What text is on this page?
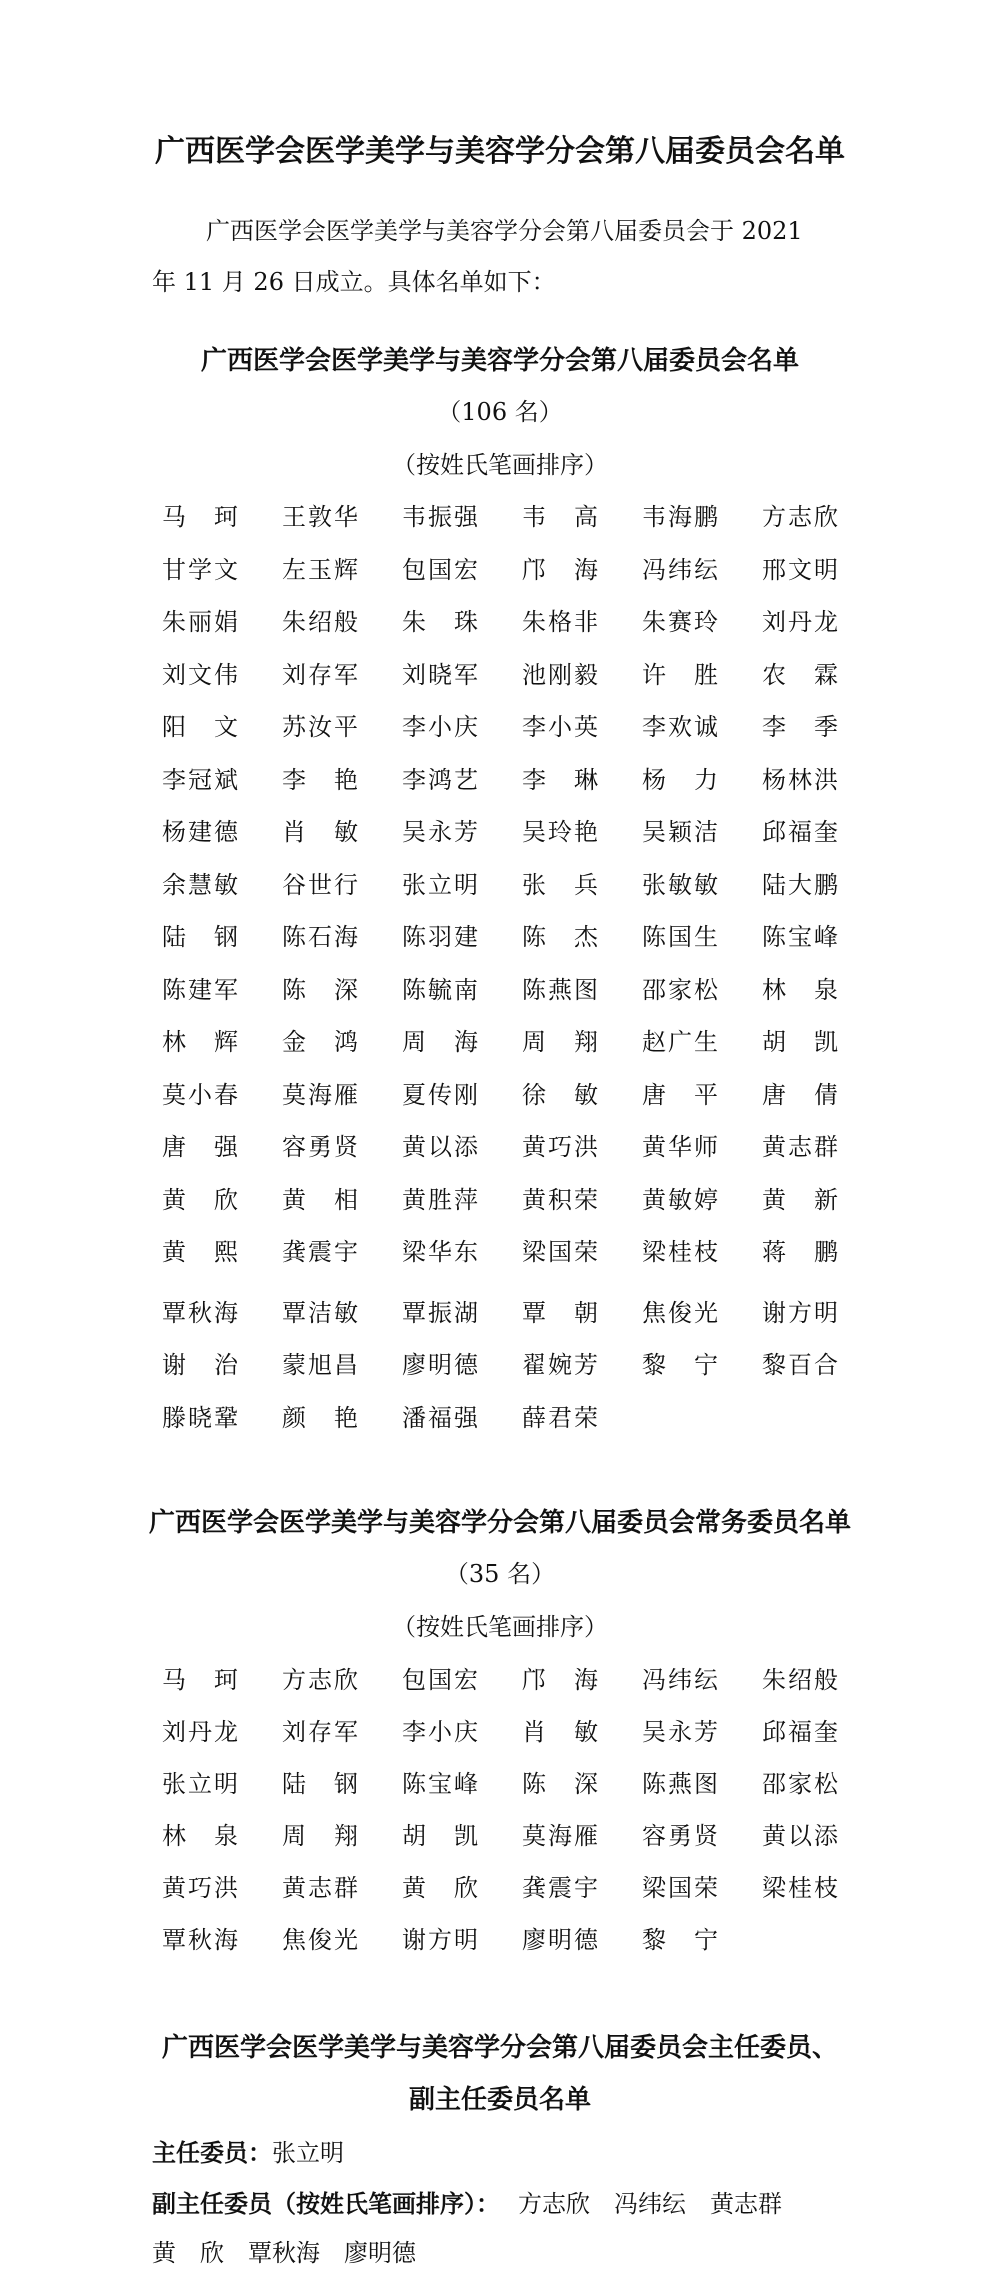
广西医学会医学美学与美容学分会第八届委员会名单
广西医学会医学美学与美容学分会第八届委员会于 2021
年 11 月 26 日成立。具体名单如下：
广西医学会医学美学与美容学分会第八届委员会名单
（106 名）
（按姓氏笔画排序）
马　珂	王敦华	韦振强	韦　高	韦海鹏	方志欣
甘学文	左玉辉	包国宏	邝　海	冯纬纭	邢文明
朱丽娟	朱绍般	朱　珠	朱格非	朱赛玲	刘丹龙
刘文伟	刘存军	刘晓军	池刚毅	许　胜	农　霖
阳　文	苏汝平	李小庆	李小英	李欢诚	李　季
李冠斌	李　艳	李鸿艺	李　琳	杨　力	杨林洪
杨建德	肖　敏	吴永芳	吴玲艳	吴颖洁	邱福奎
余慧敏	谷世行	张立明	张　兵	张敏敏	陆大鹏
陆　钢	陈石海	陈羽建	陈　杰	陈国生	陈宝峰
陈建军	陈　深	陈毓南	陈燕图	邵家松	林　泉
林　辉	金　鸿	周　海	周　翔	赵广生	胡　凯
莫小春	莫海雁	夏传刚	徐　敏	唐　平	唐　倩
唐　强	容勇贤	黄以添	黄巧洪	黄华师	黄志群
黄　欣	黄　相	黄胜萍	黄积荣	黄敏婷	黄　新
黄　熙	龚震宇	梁华东	梁国荣	梁桂枝	蒋　鹏
覃秋海	覃洁敏	覃振湖	覃　朝	焦俊光	谢方明
谢　治	蒙旭昌	廖明德	翟婉芳	黎　宁	黎百合
滕晓鞏	颜　艳	潘福强	薛君荣
广西医学会医学美学与美容学分会第八届委员会常务委员名单
（35 名）
（按姓氏笔画排序）
马　珂	方志欣	包国宏	邝　海	冯纬纭	朱绍般
刘丹龙	刘存军	李小庆	肖　敏	吴永芳	邱福奎
张立明	陆　钢	陈宝峰	陈　深	陈燕图	邵家松
林　泉	周　翔	胡　凯	莫海雁	容勇贤	黄以添
黄巧洪	黄志群	黄　欣	龚震宇	梁国荣	梁桂枝
覃秋海	焦俊光	谢方明	廖明德	黎　宁
广西医学会医学美学与美容学分会第八届委员会主任委员、
副主任委员名单
主任委员：张立明
副主任委员（按姓氏笔画排序）： 方志欣　冯纬纭　黄志群
黄　欣　覃秋海　廖明德
